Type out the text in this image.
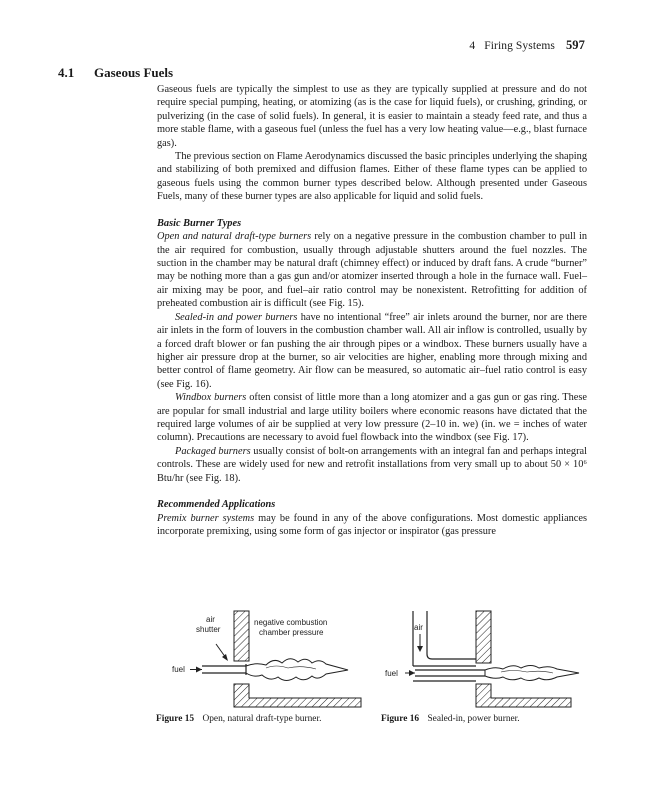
4 Firing Systems 597
4.1 Gaseous Fuels

Gaseous fuels are typically the simplest to use as they are typically supplied at pressure and do not require special pumping, heating, or atomizing (as is the case for liquid fuels), or crushing, grinding, or pulverizing (in the case of solid fuels). In general, it is easier to maintain a steady feed rate, and thus a more stable flame, with a gaseous fuel (unless the fuel has a very low heating value—e.g., blast furnace gas).

The previous section on Flame Aerodynamics discussed the basic principles underlying the shaping and stabilizing of both premixed and diffusion flames. Either of these flame types can be applied to gaseous fuels using the common burner types described below. Although presented under Gaseous Fuels, many of these burner types are also applicable for liquid and solid fuels.

Basic Burner Types

Open and natural draft-type burners rely on a negative pressure in the combustion chamber to pull in the air required for combustion, usually through adjustable shutters around the fuel nozzles. The suction in the chamber may be natural draft (chimney effect) or induced by draft fans. A crude “burner” may be nothing more than a gas gun and/or atomizer inserted through a hole in the furnace wall. Fuel–air mixing may be poor, and fuel–air ratio control may be nonexistent. Retrofitting for addition of preheated combustion air is difficult (see Fig. 15).

Sealed-in and power burners have no intentional “free” air inlets around the burner, nor are there air inlets in the form of louvers in the combustion chamber wall. All air inflow is controlled, usually by a forced draft blower or fan pushing the air through pipes or a windbox. These burners usually have a higher air pressure drop at the burner, so air velocities are higher, enabling more through mixing and better control of flame geometry. Air flow can be measured, so automatic air–fuel ratio control is easy (see Fig. 16).

Windbox burners often consist of little more than a long atomizer and a gas gun or gas ring. These are popular for small industrial and large utility boilers where economic reasons have dictated that the required large volumes of air be supplied at very low pressure (2–10 in. we) (in. we = inches of water column). Precautions are necessary to avoid fuel flowback into the windbox (see Fig. 17).

Packaged burners usually consist of bolt-on arrangements with an integral fan and perhaps integral controls. These are widely used for new and retrofit installations from very small up to about 50 × 10⁶ Btu/hr (see Fig. 18).

Recommended Applications

Premix burner systems may be found in any of the above configurations. Most domestic appliances incorporate premixing, using some form of gas injector or inspirator (gas pressure

air
shutter
negative combustion
chamber pressure
fuel
Figure 15 Open, natural draft-type burner.
air
fuel
Figure 16 Sealed-in, power burner.
